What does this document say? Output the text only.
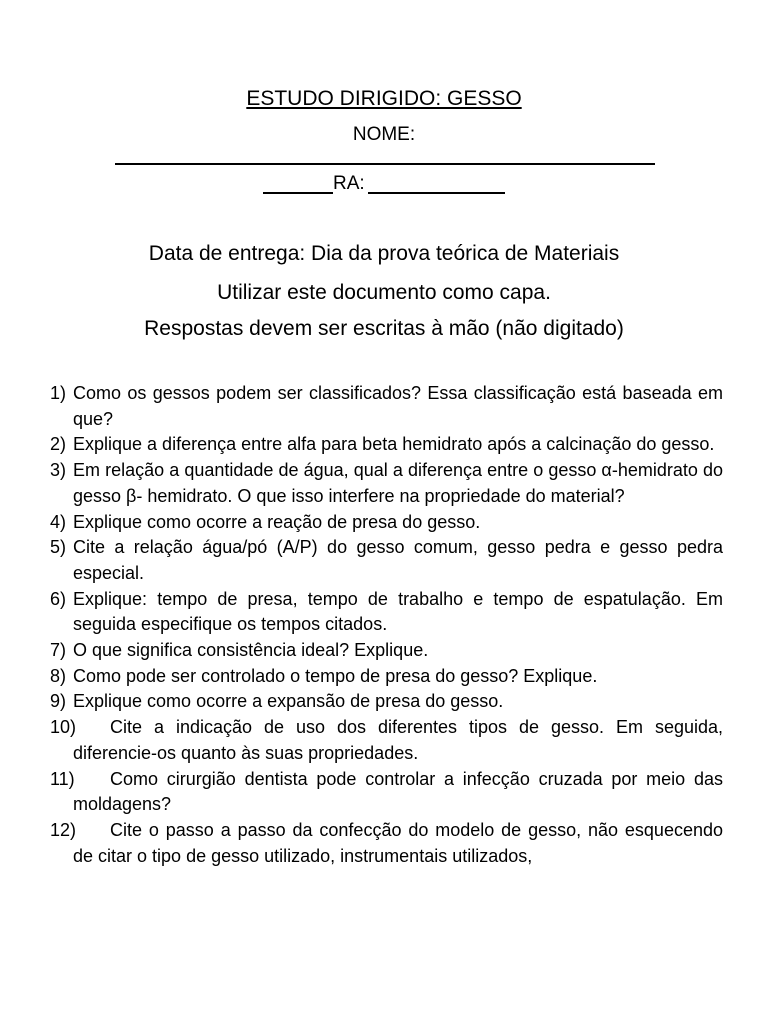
ESTUDO DIRIGIDO: GESSO
NOME:
RA:
Data de entrega: Dia da prova teórica de Materiais
Utilizar este documento como capa.
Respostas devem ser escritas à mão (não digitado)
1) Como os gessos podem ser classificados? Essa classificação está baseada em que?
2) Explique a diferença entre alfa para beta hemidrato após a calcinação do gesso.
3) Em relação a quantidade de água, qual a diferença entre o gesso α-hemidrato do gesso β- hemidrato. O que isso interfere na propriedade do material?
4) Explique como ocorre a reação de presa do gesso.
5) Cite a relação água/pó (A/P) do gesso comum, gesso pedra e gesso pedra especial.
6) Explique: tempo de presa, tempo de trabalho e tempo de espatulação. Em seguida especifique os tempos citados.
7) O que significa consistência ideal? Explique.
8) Como pode ser controlado o tempo de presa do gesso? Explique.
9) Explique como ocorre a expansão de presa do gesso.
10) Cite a indicação de uso dos diferentes tipos de gesso. Em seguida, diferencie-os quanto às suas propriedades.
11) Como cirurgião dentista pode controlar a infecção cruzada por meio das moldagens?
12) Cite o passo a passo da confecção do modelo de gesso, não esquecendo de citar o tipo de gesso utilizado, instrumentais utilizados,
